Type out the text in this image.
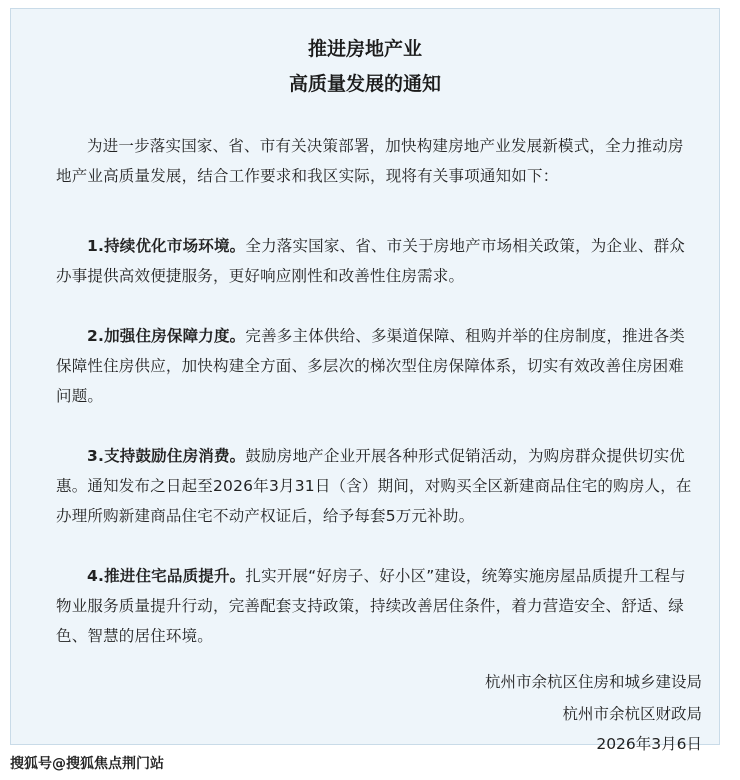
推进房地产业
高质量发展的通知

为进一步落实国家、省、市有关决策部署，加快构建房地产业发展新模式，全力推动房地产业高质量发展，结合工作要求和我区实际，现将有关事项通知如下：

1.持续优化市场环境。全力落实国家、省、市关于房地产市场相关政策，为企业、群众办事提供高效便捷服务，更好响应刚性和改善性住房需求。

2.加强住房保障力度。完善多主体供给、多渠道保障、租购并举的住房制度，推进各类保障性住房供应，加快构建全方面、多层次的梯次型住房保障体系，切实有效改善住房困难问题。

3.支持鼓励住房消费。鼓励房地产企业开展各种形式促销活动，为购房群众提供切实优惠。通知发布之日起至2026年3月31日（含）期间，对购买全区新建商品住宅的购房人，在办理所购新建商品住宅不动产权证后，给予每套5万元补助。

4.推进住宅品质提升。扎实开展“好房子、好小区”建设，统筹实施房屋品质提升工程与物业服务质量提升行动，完善配套支持政策，持续改善居住条件，着力营造安全、舒适、绿色、智慧的居住环境。

杭州市余杭区住房和城乡建设局
杭州市余杭区财政局
2026年3月6日
搜狐号@搜狐焦点荆门站
